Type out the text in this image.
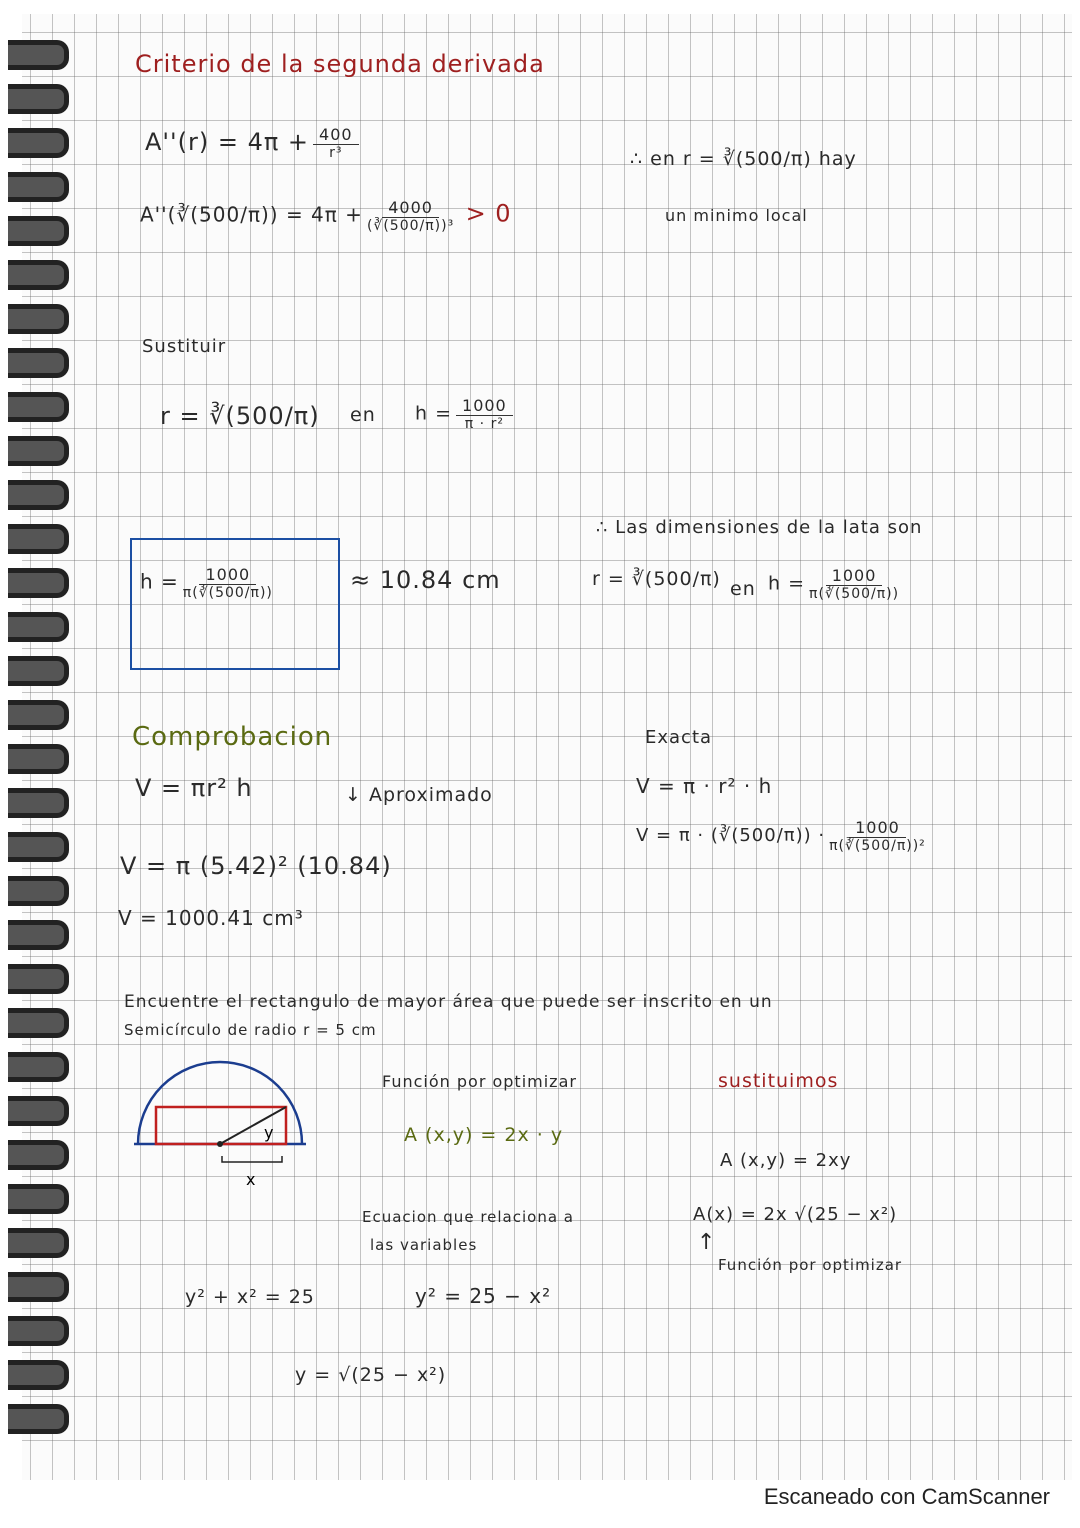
Criterio de la segunda derivada
$A''(r) = 4\pi + \frac{400}{\text{r³}}$
A''(∛(500/π)) = $4\pi + \frac{4000}{\text{(∛(500/π))³}} > 0$
∴ en r = ∛(500/π) hay
un minimo local
Sustituir
r = ∛(500/π) en $h = \frac{1000}{\text{π · r²}}$
$h = \frac{1000}{\pi(∛(500/\pi))}$	≈ 10.84 cm
∴ Las dimensiones de la lata son
r = ∛(500/π) en $h = \frac{1000}{\pi(∛(500/\pi))}$
Comprobacion
V = πr² h	↓ Aproximado
V = π (5.42)² (10.84)
V = 1000.41 cm³
Exacta
V = π · r² · h
V = π · (∛(500/π)) · $\frac{1000}{\text{π(∛(500/π))²}}$
Encuentre el rectangulo de mayor área que puede ser inscrito en un
Semicírculo de radio r = 5 cm
y
x
Función por optimizar
A (x,y) = 2x · y
Ecuacion que relaciona a
las variables
y² + x² = 25	y² = 25 − x²
y = √(25 − x²)
sustituimos
A (x,y) = 2xy
A(x) = 2x √(25 − x²)
↑
Función por optimizar
Escaneado con CamScanner
